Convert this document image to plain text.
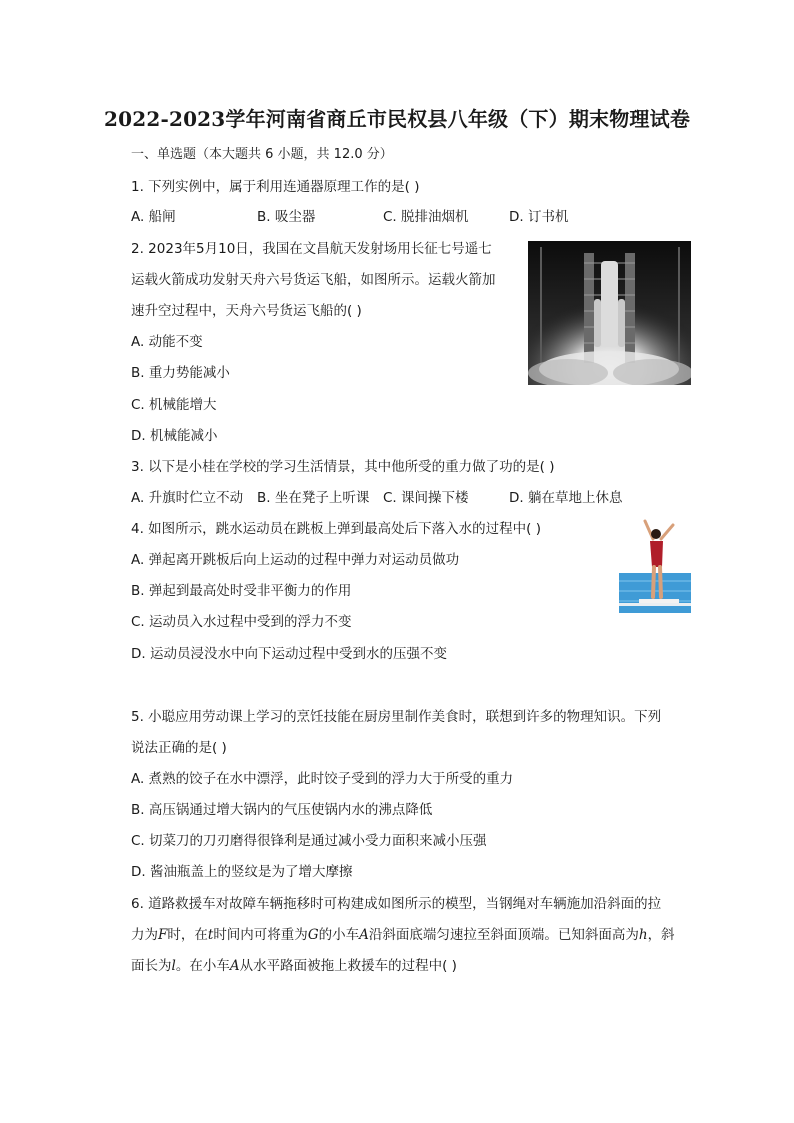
2022-2023学年河南省商丘市民权县八年级（下）期末物理试卷
一、单选题（本大题共 6 小题，共 12.0 分）
1. 下列实例中，属于利用连通器原理工作的是( )
A. 船闸	B. 吸尘器	C. 脱排油烟机	D. 订书机
2. 2023年5月10日，我国在文昌航天发射场用长征七号遥七
运载火箭成功发射天舟六号货运飞船，如图所示。运载火箭加
速升空过程中，天舟六号货运飞船的( )
A. 动能不变
B. 重力势能减小
C. 机械能增大
D. 机械能减小
3. 以下是小桂在学校的学习生活情景，其中他所受的重力做了功的是( )
A. 升旗时伫立不动 B. 坐在凳子上听课 C. 课间操下楼	D. 躺在草地上休息
4. 如图所示，跳水运动员在跳板上弹到最高处后下落入水的过程中( )
A. 弹起离开跳板后向上运动的过程中弹力对运动员做功
B. 弹起到最高处时受非平衡力的作用
C. 运动员入水过程中受到的浮力不变
D. 运动员浸没水中向下运动过程中受到水的压强不变
5. 小聪应用劳动课上学习的烹饪技能在厨房里制作美食时，联想到许多的物理知识。下列
说法正确的是( )
A. 煮熟的饺子在水中漂浮，此时饺子受到的浮力大于所受的重力
B. 高压锅通过增大锅内的气压使锅内水的沸点降低
C. 切菜刀的刀刃磨得很锋利是通过减小受力面积来减小压强
D. 酱油瓶盖上的竖纹是为了增大摩擦
6. 道路救援车对故障车辆拖移时可构建成如图所示的模型，当钢绳对车辆施加沿斜面的拉
力为F时，在t时间内可将重为G的小车A沿斜面底端匀速拉至斜面顶端。已知斜面高为h，斜
面长为l。在小车A从水平路面被拖上救援车的过程中( )
